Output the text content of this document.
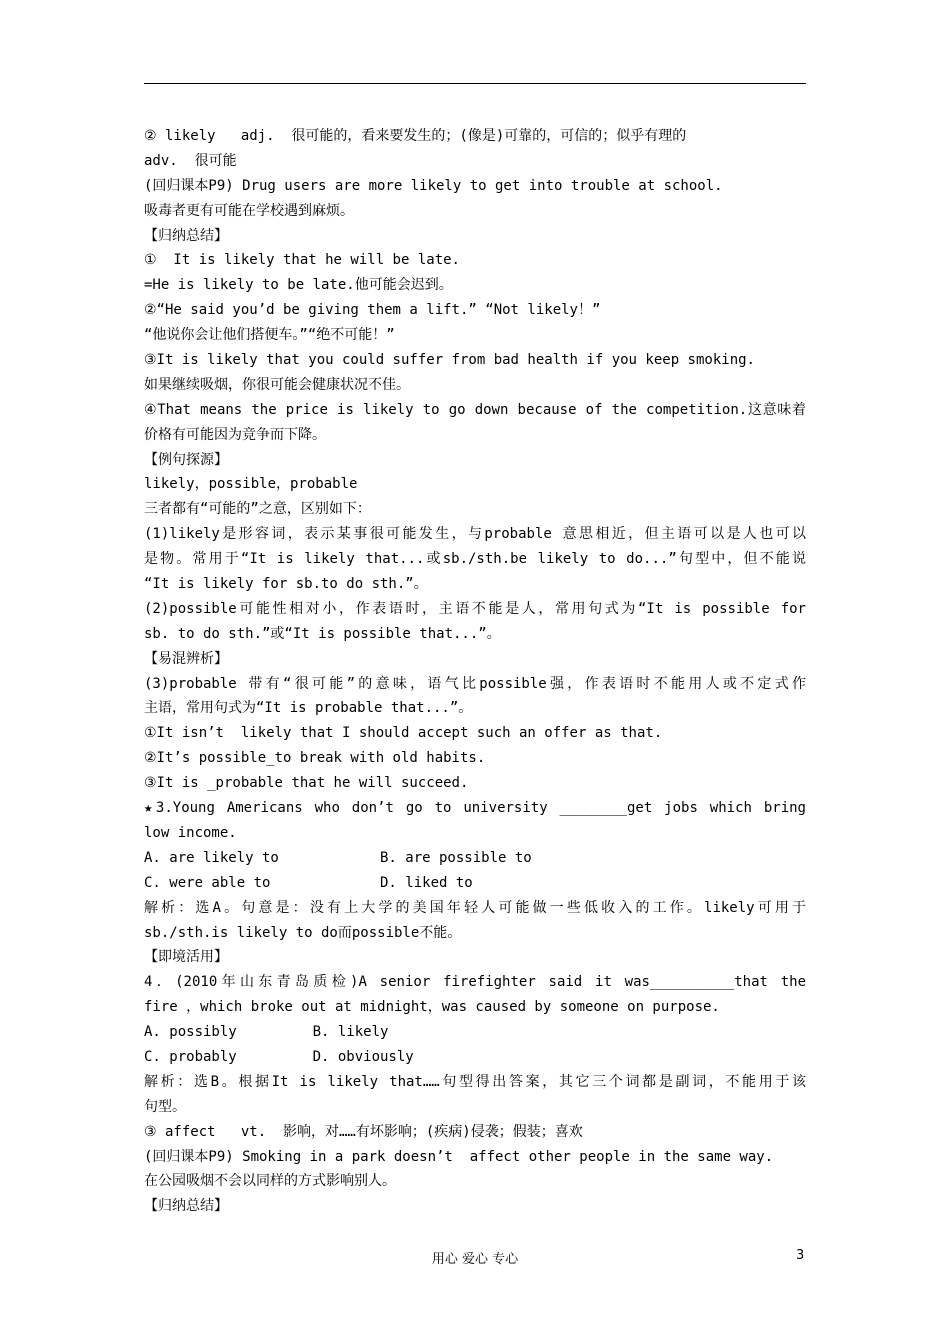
② likely   adj.  很可能的，看来要发生的；(像是)可靠的，可信的；似乎有理的
adv.  很可能
(回归课本P9) Drug users are more likely to get into trouble at school.
吸毒者更有可能在学校遇到麻烦。
【归纳总结】
①  It is likely that he will be late.
=He is likely to be late.他可能会迟到。
②“He said you’d be giving them a lift.” “Not likely！”
“他说你会让他们搭便车。”“绝不可能！”
③It is likely that you could suffer from bad health if you keep smoking.
如果继续吸烟，你很可能会健康状况不佳。
④That means the price is likely to go down because of the competition.这意味着
价格有可能因为竞争而下降。
【例句探源】
likely，possible，probable
三者都有“可能的”之意，区别如下：
(1)likely是形容词，表示某事很可能发生，与probable 意思相近，但主语可以是人也可以
是物。常用于“It is likely that...或sb./sth.be likely to do...”句型中，但不能说
“It is likely for sb.to do sth.”。
(2)possible可能性相对小，作表语时，主语不能是人，常用句式为“It is possible for
sb. to do sth.”或“It is possible that...”。
【易混辨析】
(3)probable 带有“很可能”的意味，语气比possible强，作表语时不能用人或不定式作
主语，常用句式为“It is probable that...”。
①It isn’t  likely that I should accept such an offer as that.
②It’s possible_to break with old habits.
③It is _probable that he will succeed.
★3.Young Americans who don’t go to university ________get jobs which bring
low income.
A. are likely to            B. are possible to
C. were able to             D. liked to
解析：选A。句意是：没有上大学的美国年轻人可能做一些低收入的工作。likely可用于
sb./sth.is likely to do而possible不能。
【即境活用】
4．(2010年山东青岛质检)A senior firefighter said it was__________that the
fire ，which broke out at midnight，was caused by someone on purpose.
A. possibly         B. likely
C. probably         D. obviously
解析：选B。根据It is likely that……句型得出答案，其它三个词都是副词，不能用于该
句型。
③ affect   vt.  影响，对……有坏影响；(疾病)侵袭；假装；喜欢
(回归课本P9) Smoking in a park doesn’t  affect other people in the same way.
在公园吸烟不会以同样的方式影响别人。
【归纳总结】
用心 爱心 专心	3
